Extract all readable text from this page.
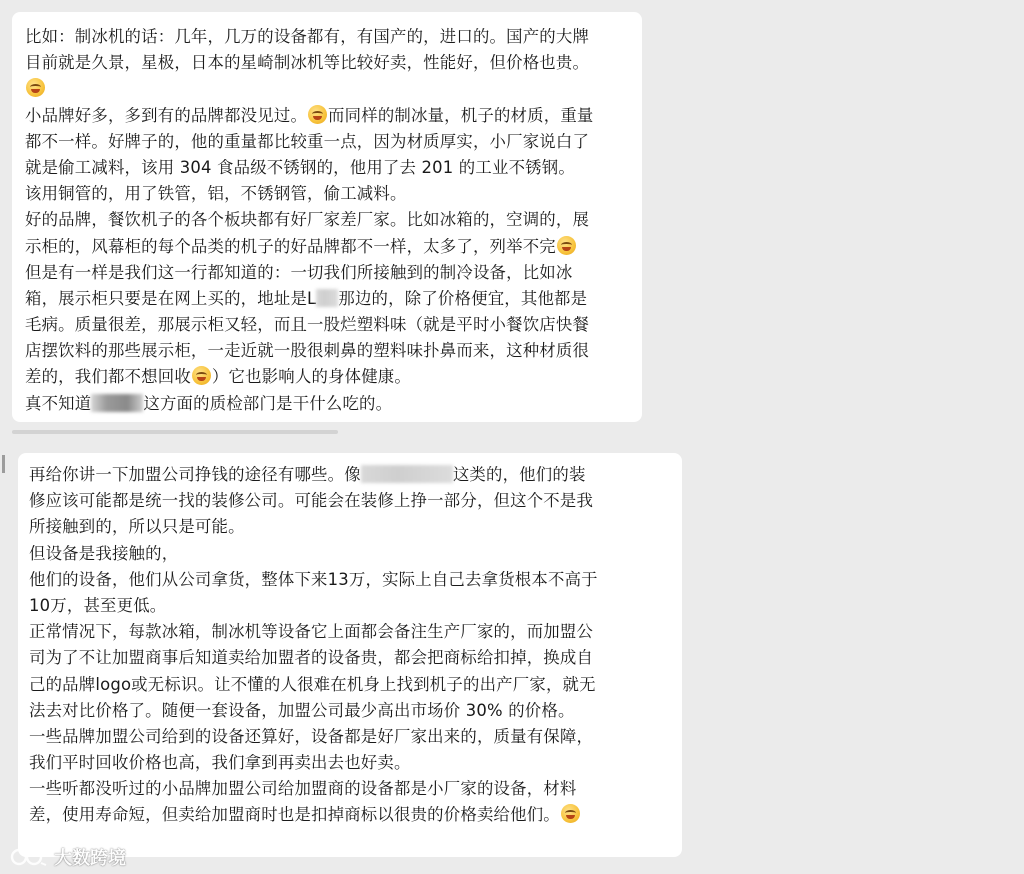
比如：制冰机的话：几年，几万的设备都有，有国产的，进口的。国产的大牌
目前就是久景，星极，日本的星崎制冰机等比较好卖，性能好，但价格也贵。
小品牌好多，多到有的品牌都没见过。 而同样的制冰量，机子的材质，重量
都不一样。好牌子的，他的重量都比较重一点，因为材质厚实，小厂家说白了
就是偷工减料，该用 304 食品级不锈钢的，他用了去 201 的工业不锈钢。
该用铜管的，用了铁管，铝，不锈钢管，偷工减料。
好的品牌，餐饮机子的各个板块都有好厂家差厂家。比如冰箱的，空调的，展
示柜的，风幕柜的每个品类的机子的好品牌都不一样，太多了，列举不完
但是有一样是我们这一行都知道的：一切我们所接触到的制冷设备，比如冰
箱，展示柜只要是在网上买的，地址是L 那边的，除了价格便宜，其他都是
毛病。质量很差，那展示柜又轻，而且一股烂塑料味（就是平时小餐饮店快餐
店摆饮料的那些展示柜，一走近就一股很刺鼻的塑料味扑鼻而来，这种材质很
差的，我们都不想回收 ）它也影响人的身体健康。
真不知道	这方面的质检部门是干什么吃的。
再给你讲一下加盟公司挣钱的途径有哪些。像	这类的，他们的装
修应该可能都是统一找的装修公司。可能会在装修上挣一部分，但这个不是我
所接触到的，所以只是可能。
但设备是我接触的，
他们的设备，他们从公司拿货，整体下来13万，实际上自己去拿货根本不高于
10万，甚至更低。
正常情况下，每款冰箱，制冰机等设备它上面都会备注生产厂家的，而加盟公
司为了不让加盟商事后知道卖给加盟者的设备贵，都会把商标给扣掉，换成自
己的品牌logo或无标识。让不懂的人很难在机身上找到机子的出产厂家，就无
法去对比价格了。随便一套设备，加盟公司最少高出市场价 30% 的价格。
一些品牌加盟公司给到的设备还算好，设备都是好厂家出来的，质量有保障，
我们平时回收价格也高，我们拿到再卖出去也好卖。
一些听都没听过的小品牌加盟公司给加盟商的设备都是小厂家的设备，材料
差，使用寿命短，但卖给加盟商时也是扣掉商标以很贵的价格卖给他们。
大数跨境
